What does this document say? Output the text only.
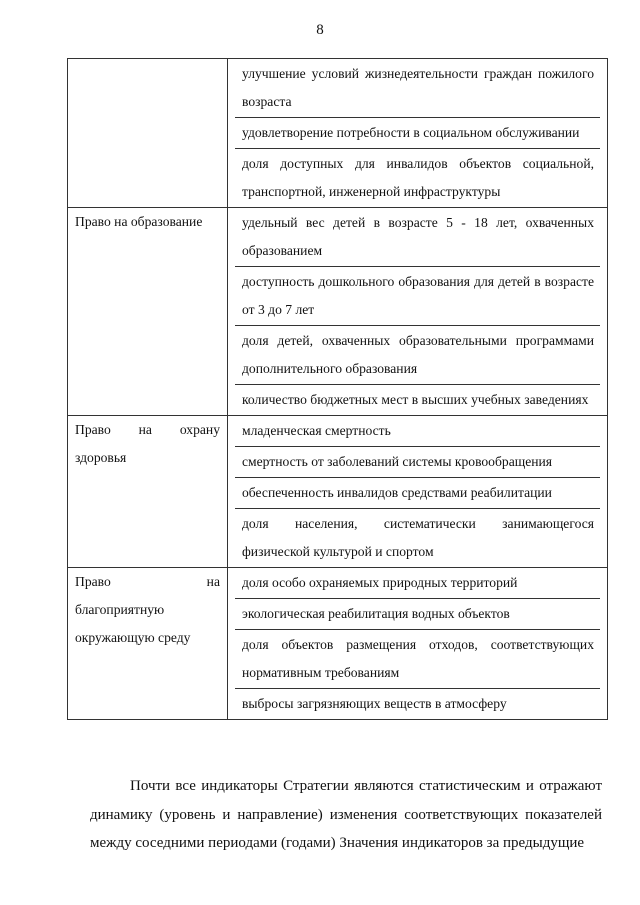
8

	улучшение условий жизнедеятельности граждан пожилого возраста
удовлетворение потребности в социальном обслуживании
доля доступных для инвалидов объектов социальной, транспортной, инженерной инфраструктуры

Право на образование	удельный вес детей в возрасте 5 - 18 лет, охваченных образованием
доступность дошкольного образования для детей в возрасте от 3 до 7 лет
доля детей, охваченных образовательными программами дополнительного образования
количество бюджетных мест в высших учебных заведениях

Право на охрану здоровья	младенческая смертность
смертность от заболеваний системы кровообращения
обеспеченность инвалидов средствами реабилитации
доля населения, систематически занимающегося физической культурой и спортом

Право на благоприятную окружающую среду	доля особо охраняемых природных территорий
экологическая реабилитация водных объектов
доля объектов размещения отходов, соответствующих нормативным требованиям
выбросы загрязняющих веществ в атмосферу
Почти все индикаторы Стратегии являются статистическим и отражают динамику (уровень и направление) изменения соответствующих показателей между соседними периодами (годами) Значения индикаторов за предыдущие
